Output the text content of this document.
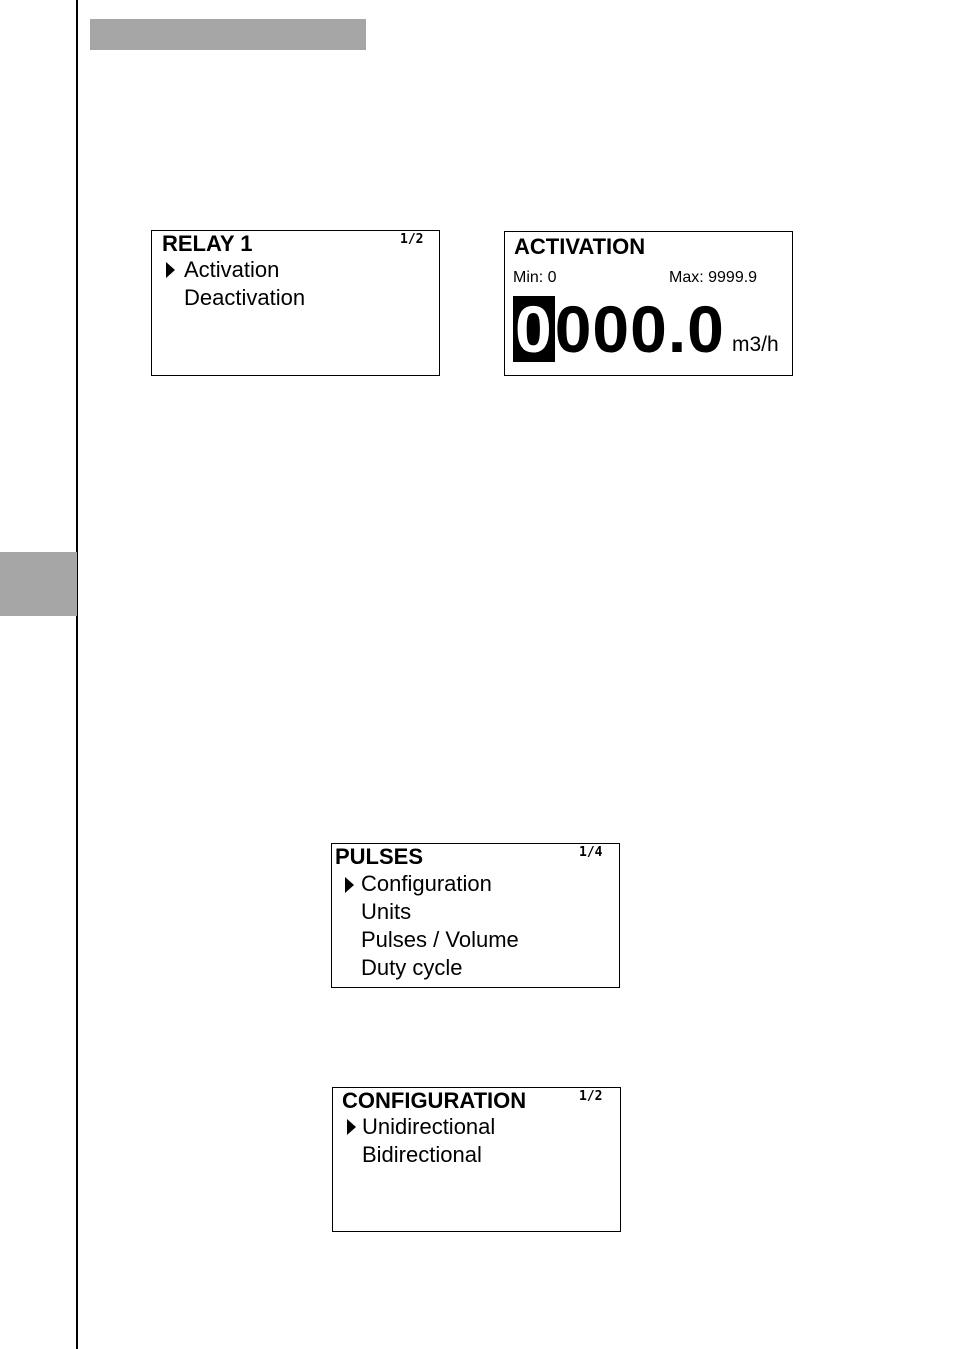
RELAY 1	1/2
Activation
Deactivation
ACTIVATION
Min: 0	Max: 9999.9
0000.0 m3/h
PULSES	1/4
Configuration
Units
Pulses / Volume
Duty cycle
CONFIGURATION	1/2
Unidirectional
Bidirectional
